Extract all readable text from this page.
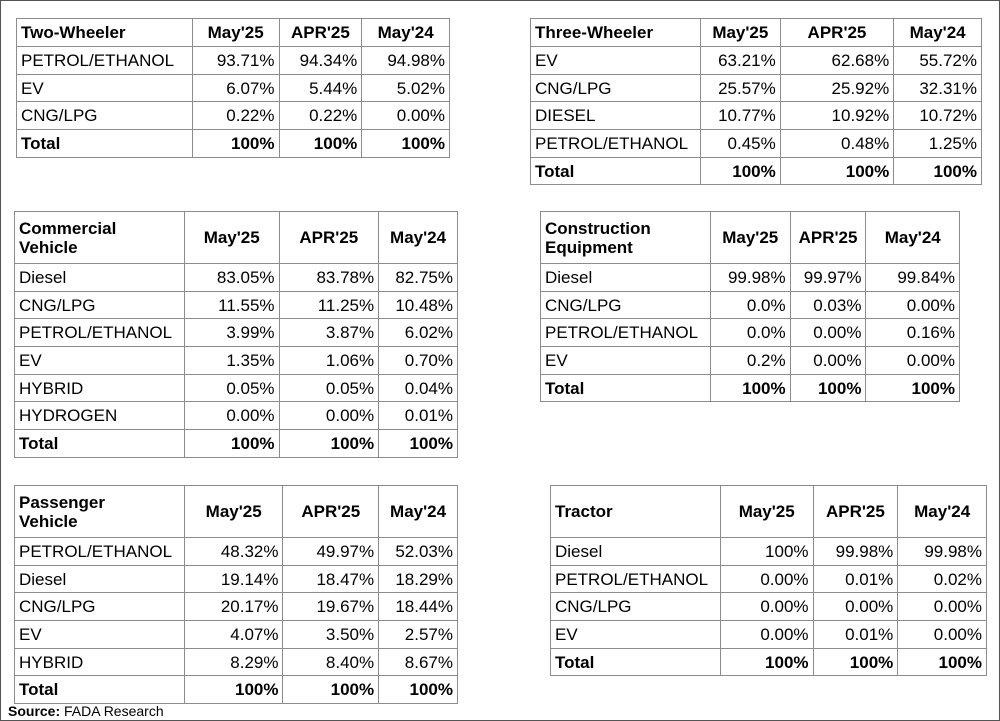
Two-Wheeler	May'25	APR'25	May'24
PETROL/ETHANOL	93.71%	94.34%	94.98%
EV	6.07%	5.44%	5.02%
CNG/LPG	0.22%	0.22%	0.00%
Total	100%	100%	100%
Three-Wheeler	May'25	APR'25	May'24
EV	63.21%	62.68%	55.72%
CNG/LPG	25.57%	25.92%	32.31%
DIESEL	10.77%	10.92%	10.72%
PETROL/ETHANOL	0.45%	0.48%	1.25%
Total	100%	100%	100%
Commercial
Vehicle	May'25	APR'25	May'24
Diesel	83.05%	83.78%	82.75%
CNG/LPG	11.55%	11.25%	10.48%
PETROL/ETHANOL	3.99%	3.87%	6.02%
EV	1.35%	1.06%	0.70%
HYBRID	0.05%	0.05%	0.04%
HYDROGEN	0.00%	0.00%	0.01%
Total	100%	100%	100%
Construction
Equipment	May'25	APR'25	May'24
Diesel	99.98%	99.97%	99.84%
CNG/LPG	0.0%	0.03%	0.00%
PETROL/ETHANOL	0.0%	0.00%	0.16%
EV	0.2%	0.00%	0.00%
Total	100%	100%	100%
Passenger
Vehicle	May'25	APR'25	May'24
PETROL/ETHANOL	48.32%	49.97%	52.03%
Diesel	19.14%	18.47%	18.29%
CNG/LPG	20.17%	19.67%	18.44%
EV	4.07%	3.50%	2.57%
HYBRID	8.29%	8.40%	8.67%
Total	100%	100%	100%
Tractor	May'25	APR'25	May'24
Diesel	100%	99.98%	99.98%
PETROL/ETHANOL	0.00%	0.01%	0.02%
CNG/LPG	0.00%	0.00%	0.00%
EV	0.00%	0.01%	0.00%
Total	100%	100%	100%
Source: FADA Research
